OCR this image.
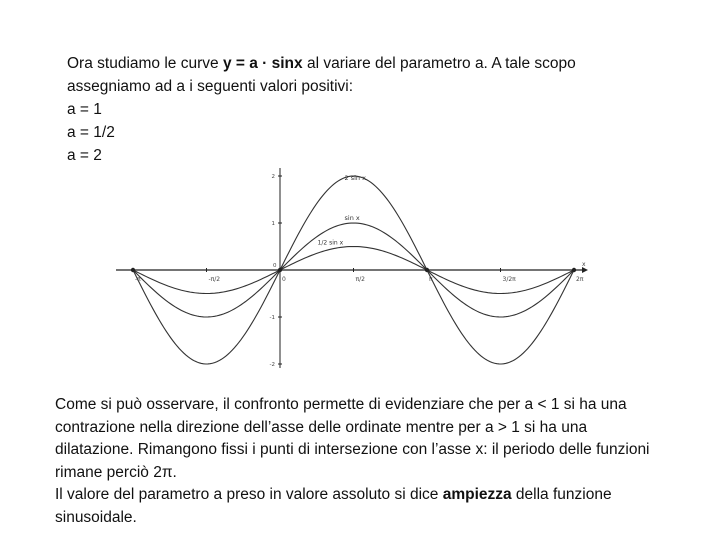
Ora studiamo le curve y = a · sinx al variare del parametro a. A tale scopo
assegniamo ad a i seguenti valori positivi:
a = 1
a = 1/2
a = 2
-π	-π/2	0	π/2	π	3/2π	2π
2
1
-1
-2
x
2 sin x
sin x
1/2 sin x
0
Come si può osservare, il confronto permette di evidenziare che per a < 1 si ha una
contrazione nella direzione dell’asse delle ordinate mentre per a > 1 si ha una
dilatazione. Rimangono fissi i punti di intersezione con l’asse x: il periodo delle funzioni
rimane perciò 2π.
Il valore del parametro a preso in valore assoluto si dice ampiezza della funzione
sinusoidale.
